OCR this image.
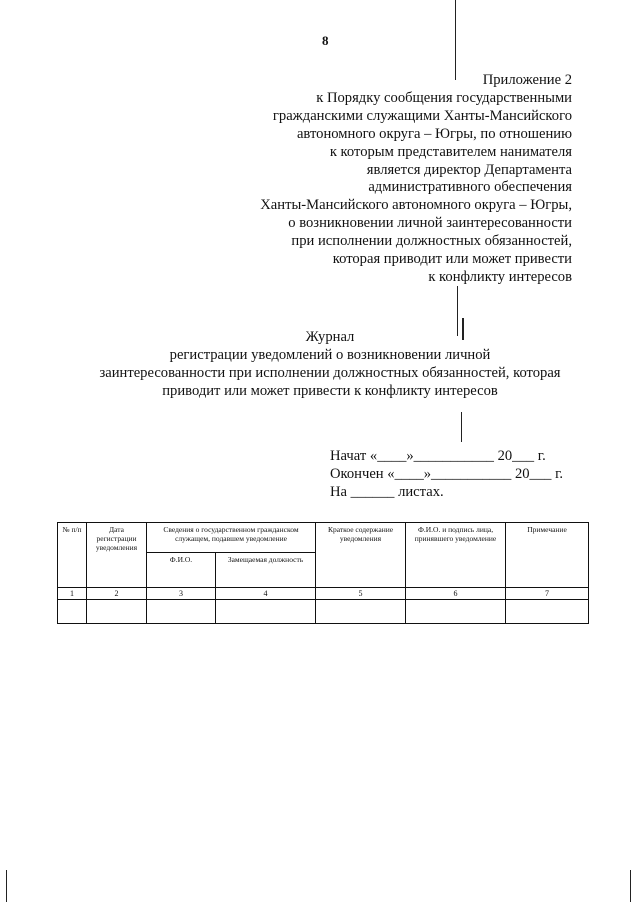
8
Приложение 2
к Порядку сообщения государственными
гражданскими служащими Ханты-Мансийского
автономного округа – Югры, по отношению
к которым представителем нанимателя
является директор Департамента
административного обеспечения
Ханты-Мансийского автономного округа – Югры,
о возникновении личной заинтересованности
при исполнении должностных обязанностей,
которая приводит или может привести
к конфликту интересов
Журнал
регистрации уведомлений о возникновении личной
заинтересованности при исполнении должностных обязанностей, которая
приводит или может привести к конфликту интересов
Начат «____»___________ 20___ г.
Окончен «____»___________ 20___ г.
На ______ листах.
№ п/п	Дата регистрации уведомления	Сведения о государственном гражданском служащем, подавшем уведомление		Краткое содержание уведомления	Ф.И.О. и подпись лица, принявшего уведомление	Примечание
		Ф.И.О.	Замещаемая должность			
1	2	3	4	5	6	7
